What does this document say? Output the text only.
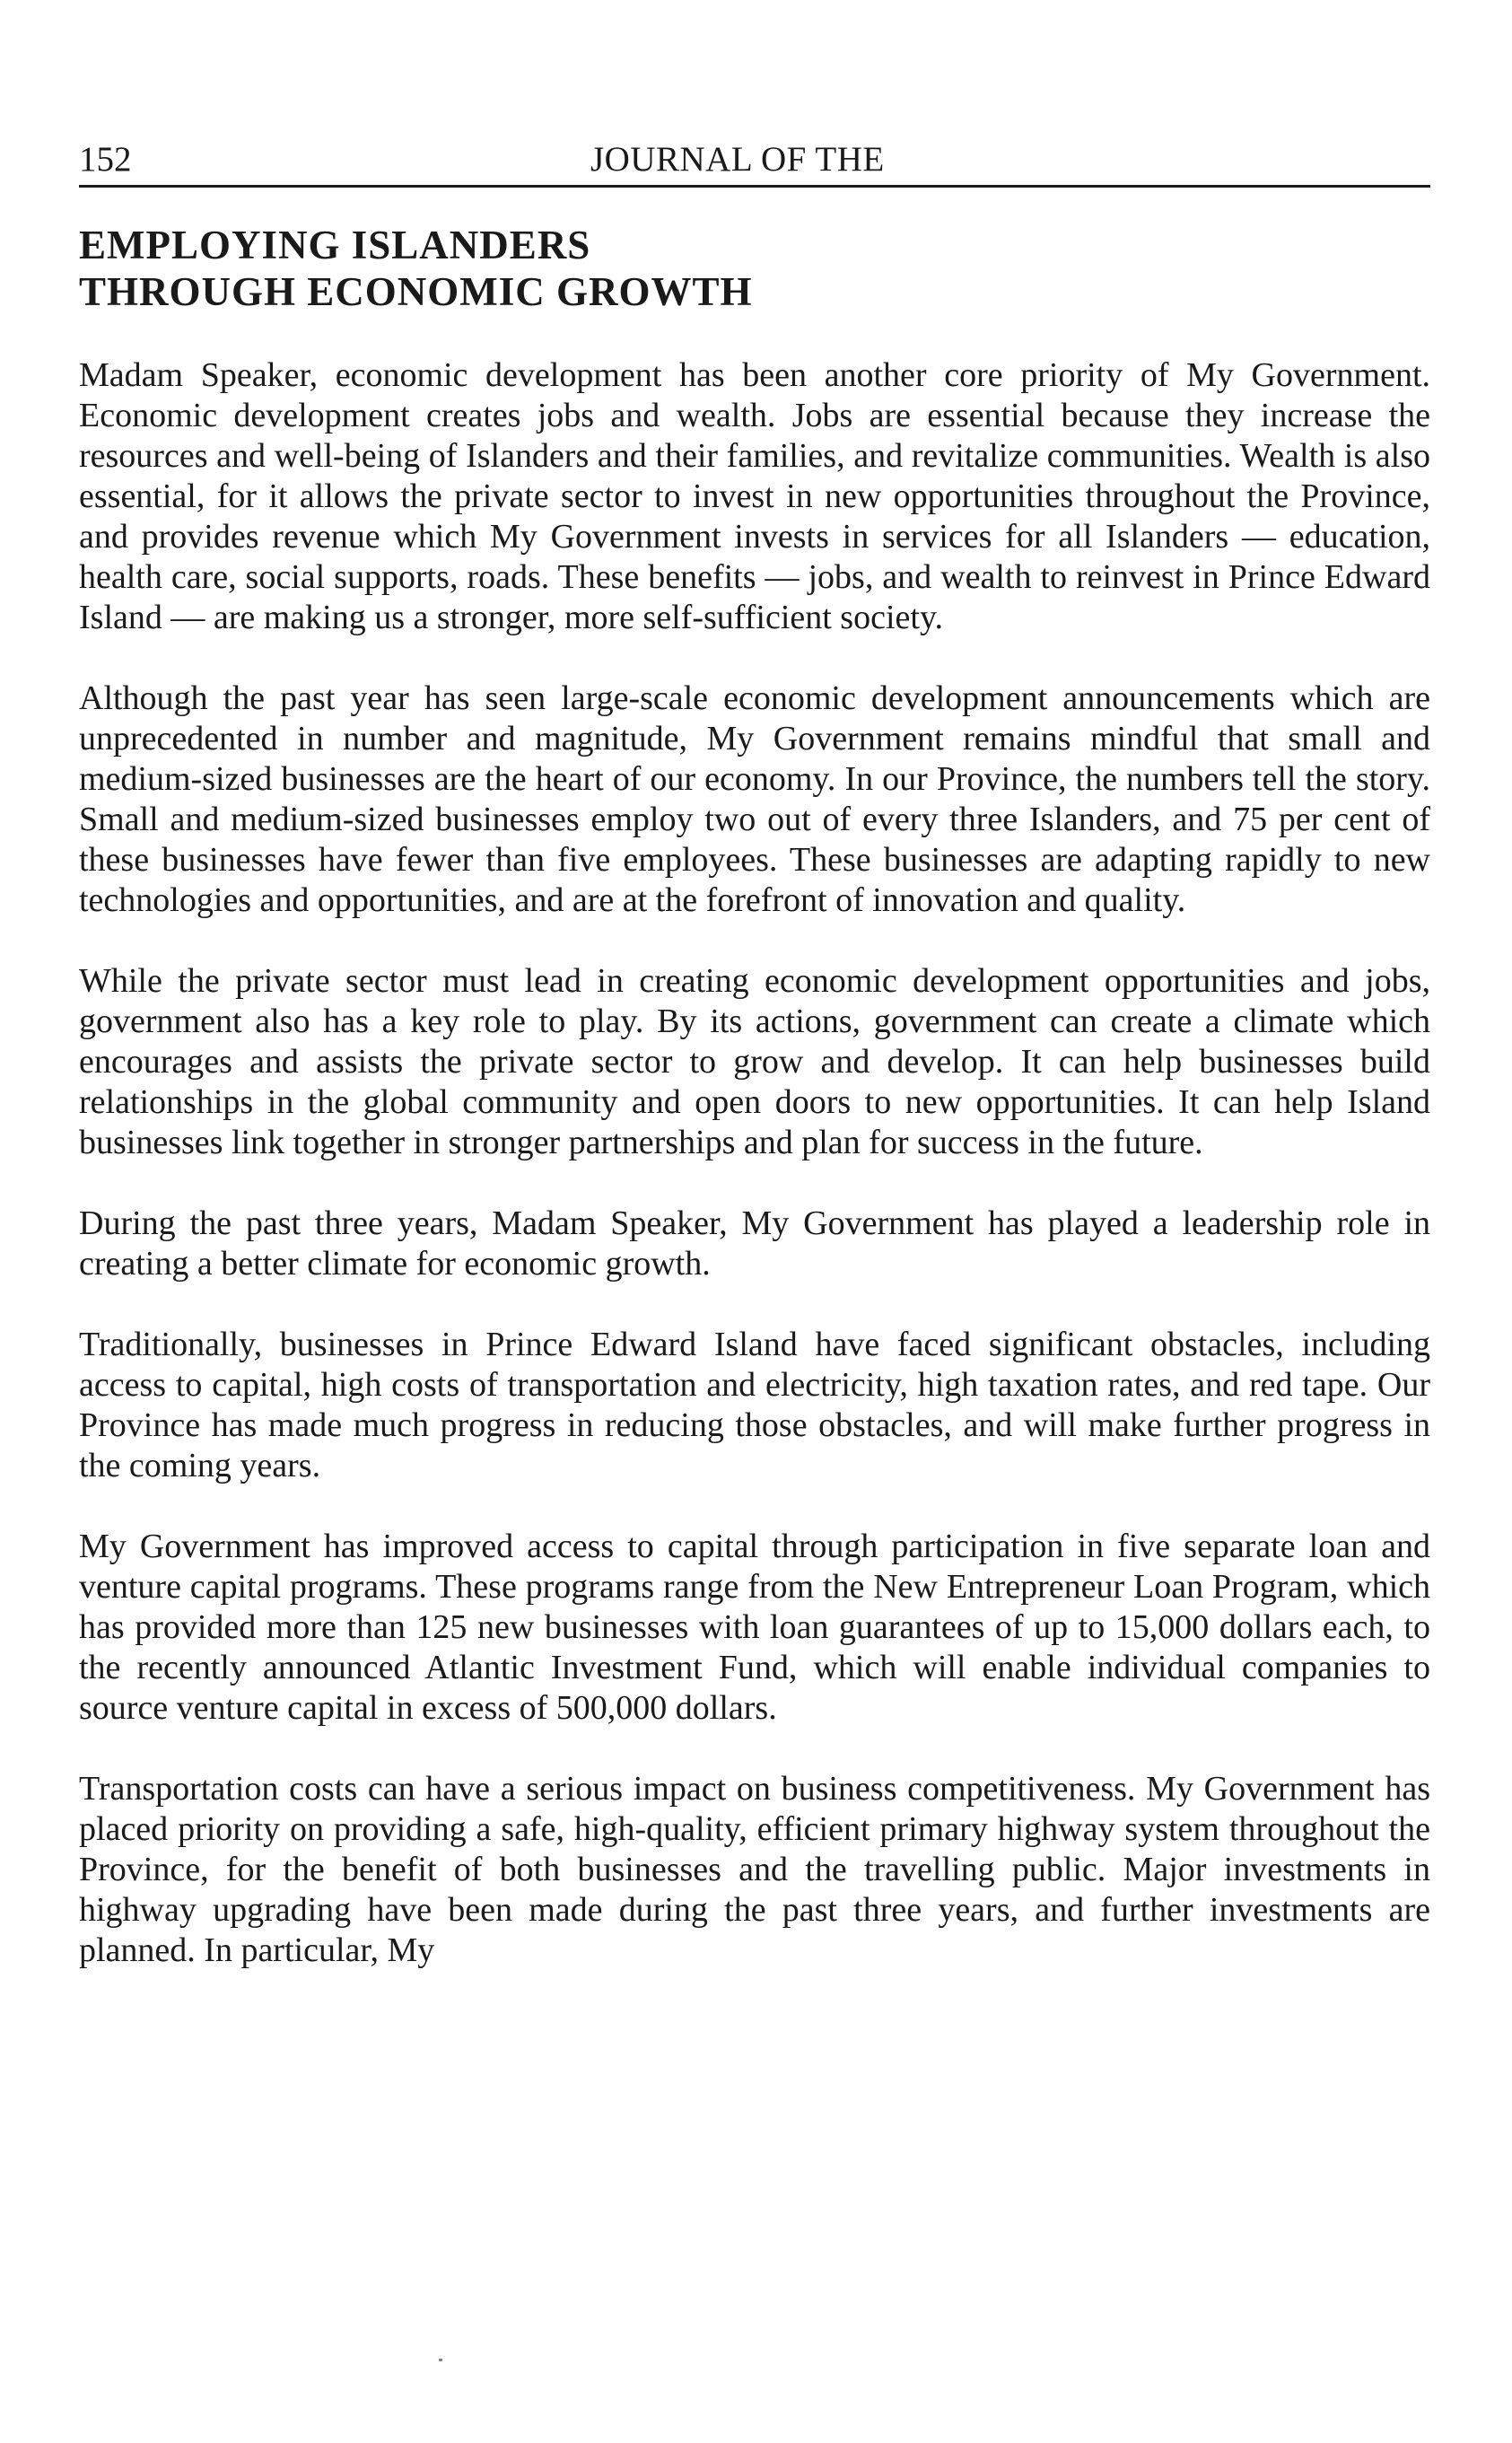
152	JOURNAL OF THE
EMPLOYING ISLANDERS
THROUGH ECONOMIC GROWTH

Madam Speaker, economic development has been another core priority of My Government. Economic development creates jobs and wealth. Jobs are essential because they increase the resources and well-being of Islanders and their families, and revitalize communities. Wealth is also essential, for it allows the private sector to invest in new opportunities throughout the Province, and provides revenue which My Government invests in services for all Islanders — education, health care, social supports, roads. These benefits — jobs, and wealth to reinvest in Prince Edward Island — are making us a stronger, more self-sufficient society.

Although the past year has seen large-scale economic development announcements which are unprecedented in number and magnitude, My Government remains mindful that small and medium-sized businesses are the heart of our economy. In our Province, the numbers tell the story. Small and medium-sized businesses employ two out of every three Islanders, and 75 per cent of these businesses have fewer than five employees. These businesses are adapting rapidly to new technologies and opportunities, and are at the forefront of innovation and quality.

While the private sector must lead in creating economic development opportunities and jobs, government also has a key role to play. By its actions, government can create a climate which encourages and assists the private sector to grow and develop. It can help businesses build relationships in the global community and open doors to new opportunities. It can help Island businesses link together in stronger partnerships and plan for success in the future.

During the past three years, Madam Speaker, My Government has played a leadership role in creating a better climate for economic growth.

Traditionally, businesses in Prince Edward Island have faced significant obstacles, including access to capital, high costs of transportation and electricity, high taxation rates, and red tape. Our Province has made much progress in reducing those obstacles, and will make further progress in the coming years.

My Government has improved access to capital through participation in five separate loan and venture capital programs. These programs range from the New Entrepreneur Loan Program, which has provided more than 125 new businesses with loan guarantees of up to 15,000 dollars each, to the recently announced Atlantic Investment Fund, which will enable individual companies to source venture capital in excess of 500,000 dollars.

Transportation costs can have a serious impact on business competitiveness. My Government has placed priority on providing a safe, high-quality, efficient primary highway system throughout the Province, for the benefit of both businesses and the travelling public. Major investments in highway upgrading have been made during the past three years, and further investments are planned. In particular, My
